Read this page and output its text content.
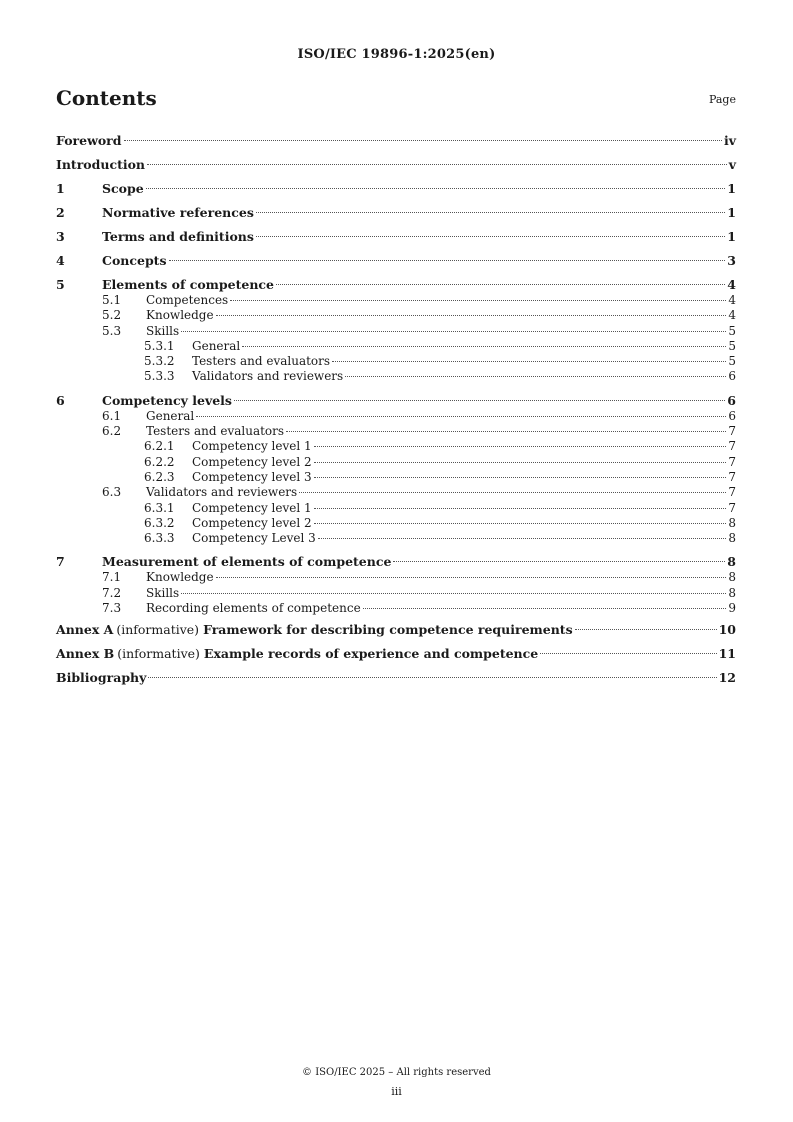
ISO/IEC 19896-1:2025(en)
Contents	Page
Foreword	iv
Introduction	v
1	Scope	1
2	Normative references	1
3	Terms and definitions	1
4	Concepts	3
5	Elements of competence	4
5.1	Competences	4
5.2	Knowledge	4
5.3	Skills	5
5.3.1	General	5
5.3.2	Testers and evaluators	5
5.3.3	Validators and reviewers	6
6	Competency levels	6
6.1	General	6
6.2	Testers and evaluators	7
6.2.1	Competency level 1	7
6.2.2	Competency level 2	7
6.2.3	Competency level 3	7
6.3	Validators and reviewers	7
6.3.1	Competency level 1	7
6.3.2	Competency level 2	8
6.3.3	Competency Level 3	8
7	Measurement of elements of competence	8
7.1	Knowledge	8
7.2	Skills	8
7.3	Recording elements of competence	9
Annex A (informative) Framework for describing competence requirements	10
Annex B (informative) Example records of experience and competence	11
Bibliography	12
© ISO/IEC 2025 – All rights reserved
iii
